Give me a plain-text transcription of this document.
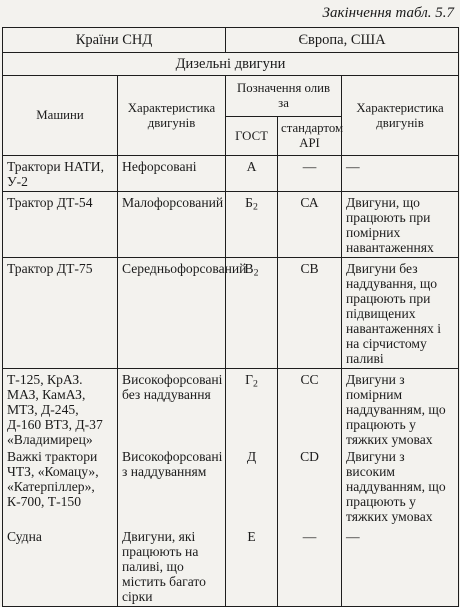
Закінчення табл. 5.7
Країни СНД		Європа, США		
Дизельні двигуни				
Машини	Характеристика двигунів	Позначення олив за		Характеристика двигунів
		ГОСТ	стандартом API	
Трактори НАТИ, У-2	Нефорсовані	А	—	—
Трактор ДТ-54	Малофорсований	$Б_2$	СА	Двигуни, що працюють при помірних навантаженнях
Трактор ДТ-75	Середньофорсований	$В_2$	СВ	Двигуни без наддування, що працюють при підвищених навантаженнях і на сірчистому паливі
Т-125, КрАЗ. МАЗ, КамАЗ, МТЗ, Д-245, Д-160 ВТЗ, Д-37 «Владимирец»	Високофорсовані без наддування	$Г_2$	СС	Двигуни з помірним наддуванням, що працюють у тяжких умовах
Важкі трактори ЧТЗ, «Комацу», «Катерпіллер», К-700, Т-150	Високофорсовані з наддуванням	Д	CD	Двигуни з високим наддуванням, що працюють у тяжких умовах
Судна	Двигуни, які працюють на паливі, що містить багато сірки	Е	—	—
